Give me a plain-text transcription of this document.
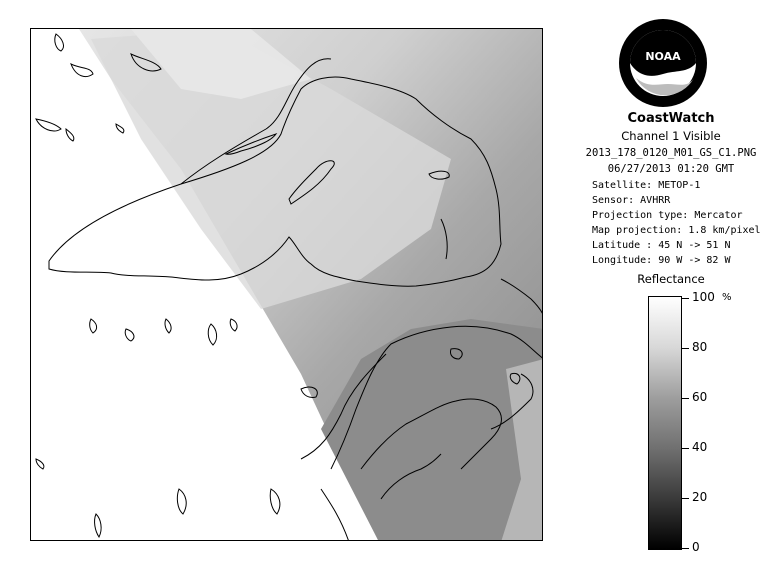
NOAA
CoastWatch
Channel 1 Visible
2013_178_0120_M01_GS_C1.PNG
06/27/2013 01:20 GMT
Satellite: METOP-1
Sensor: AVHRR
Projection type: Mercator
Map projection: 1.8 km/pixel
Latitude : 45 N -> 51 N
Longitude: 90 W -> 82 W
Reflectance
%
100
80
60
40
20
0
